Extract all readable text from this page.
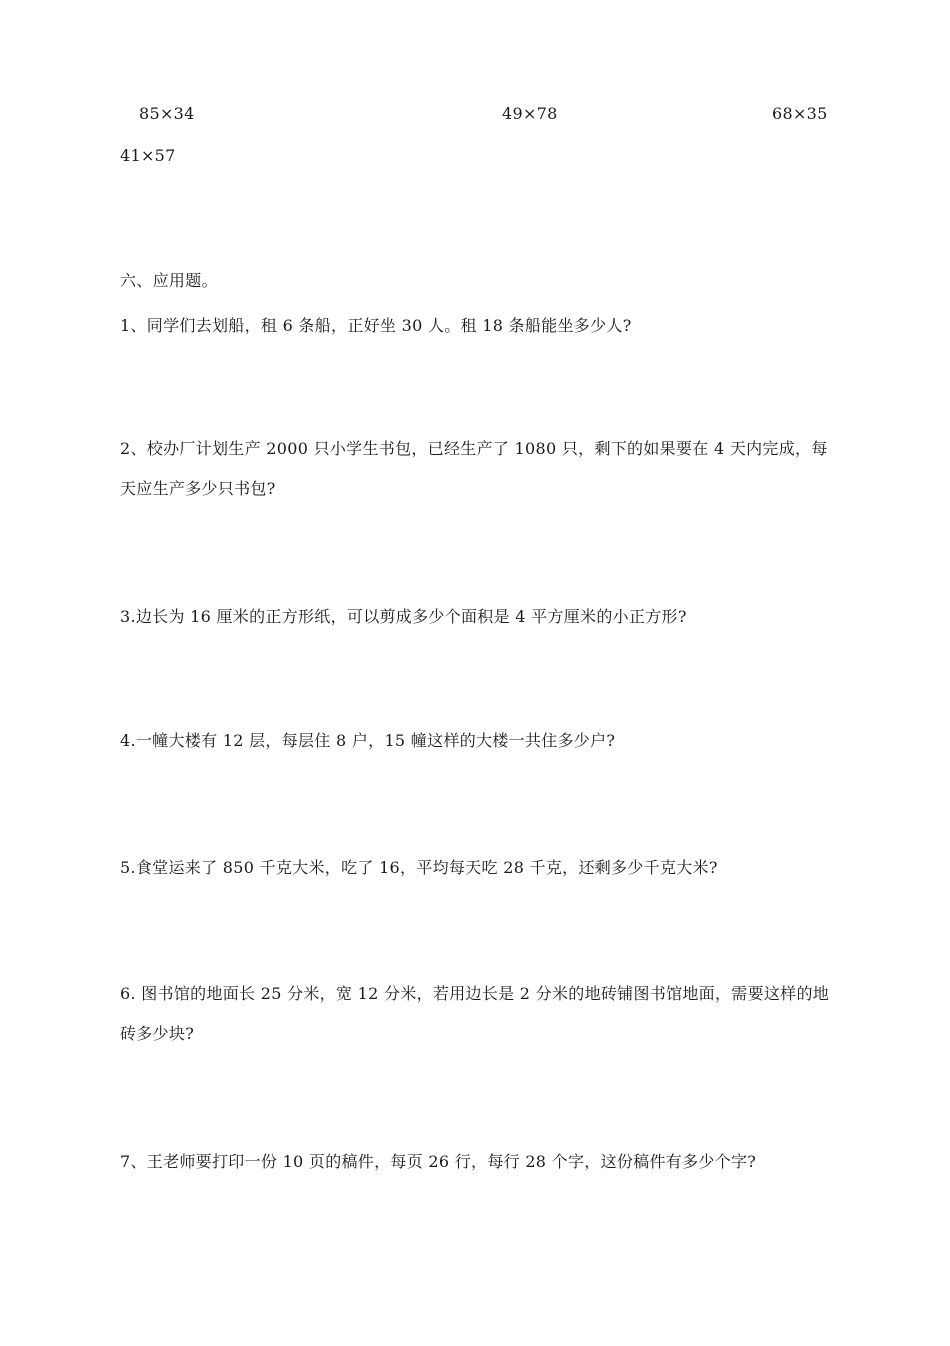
85×34	49×78	68×35
41×57
六、应用题。
1、同学们去划船，租 6 条船，正好坐 30 人。租 18 条船能坐多少人?
2、校办厂计划生产 2000 只小学生书包，已经生产了 1080 只，剩下的如果要在 4 天内完成，每天应生产多少只书包?
3.边长为 16 厘米的正方形纸，可以剪成多少个面积是 4 平方厘米的小正方形?
4.一幢大楼有 12 层，每层住 8 户，15 幢这样的大楼一共住多少户?
5.食堂运来了 850 千克大米，吃了 16，平均每天吃 28 千克，还剩多少千克大米?
6. 图书馆的地面长 25 分米，宽 12 分米，若用边长是 2 分米的地砖铺图书馆地面，需要这样的地砖多少块?
7、王老师要打印一份 10 页的稿件，每页 26 行，每行 28 个字，这份稿件有多少个字?
